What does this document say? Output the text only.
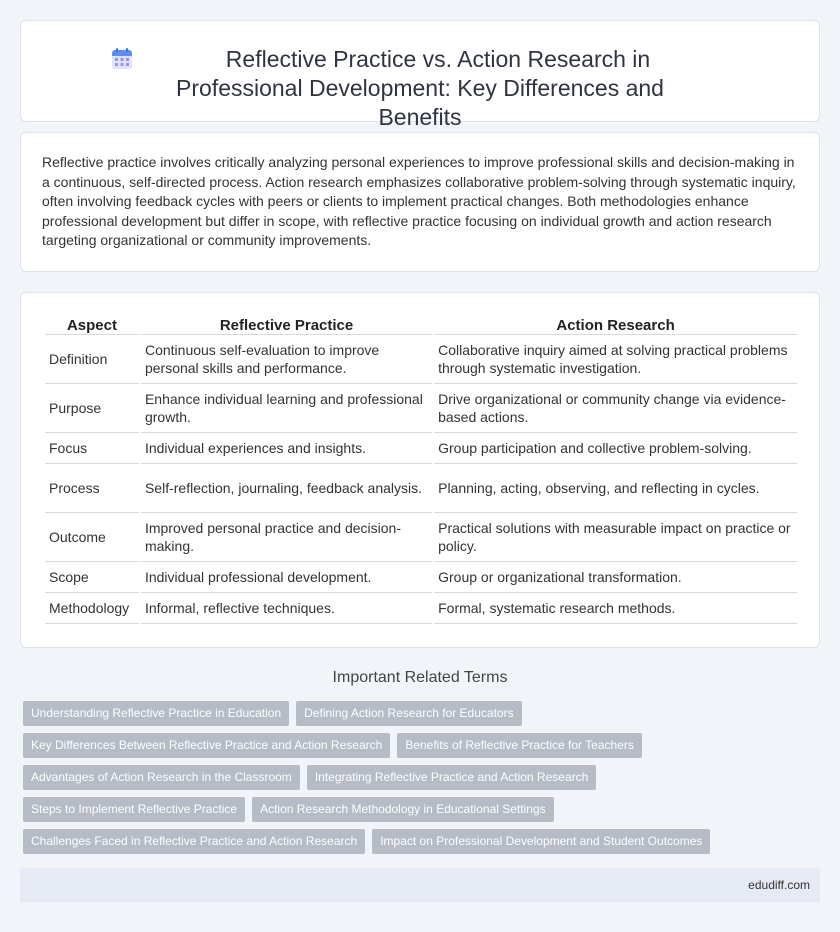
Reflective Practice vs. Action Research in Professional Development: Key Differences and Benefits

Reflective practice involves critically analyzing personal experiences to improve professional skills and decision-making in a continuous, self-directed process. Action research emphasizes collaborative problem-solving through systematic inquiry, often involving feedback cycles with peers or clients to implement practical changes. Both methodologies enhance professional development but differ in scope, with reflective practice focusing on individual growth and action research targeting organizational or community improvements.

Aspect	Reflective Practice	Action Research
Definition	Continuous self-evaluation to improve personal skills and performance.	Collaborative inquiry aimed at solving practical problems through systematic investigation.
Purpose	Enhance individual learning and professional growth.	Drive organizational or community change via evidence-based actions.
Focus	Individual experiences and insights.	Group participation and collective problem-solving.
Process	Self-reflection, journaling, feedback analysis.	Planning, acting, observing, and reflecting in cycles.
Outcome	Improved personal practice and decision-making.	Practical solutions with measurable impact on practice or policy.
Scope	Individual professional development.	Group or organizational transformation.
Methodology	Informal, reflective techniques.	Formal, systematic research methods.
Important Related Terms
Understanding Reflective Practice in Education	Defining Action Research for Educators
Key Differences Between Reflective Practice and Action Research	Benefits of Reflective Practice for Teachers
Advantages of Action Research in the Classroom	Integrating Reflective Practice and Action Research
Steps to Implement Reflective Practice	Action Research Methodology in Educational Settings
Challenges Faced in Reflective Practice and Action Research	Impact on Professional Development and Student Outcomes
edudiff.com
